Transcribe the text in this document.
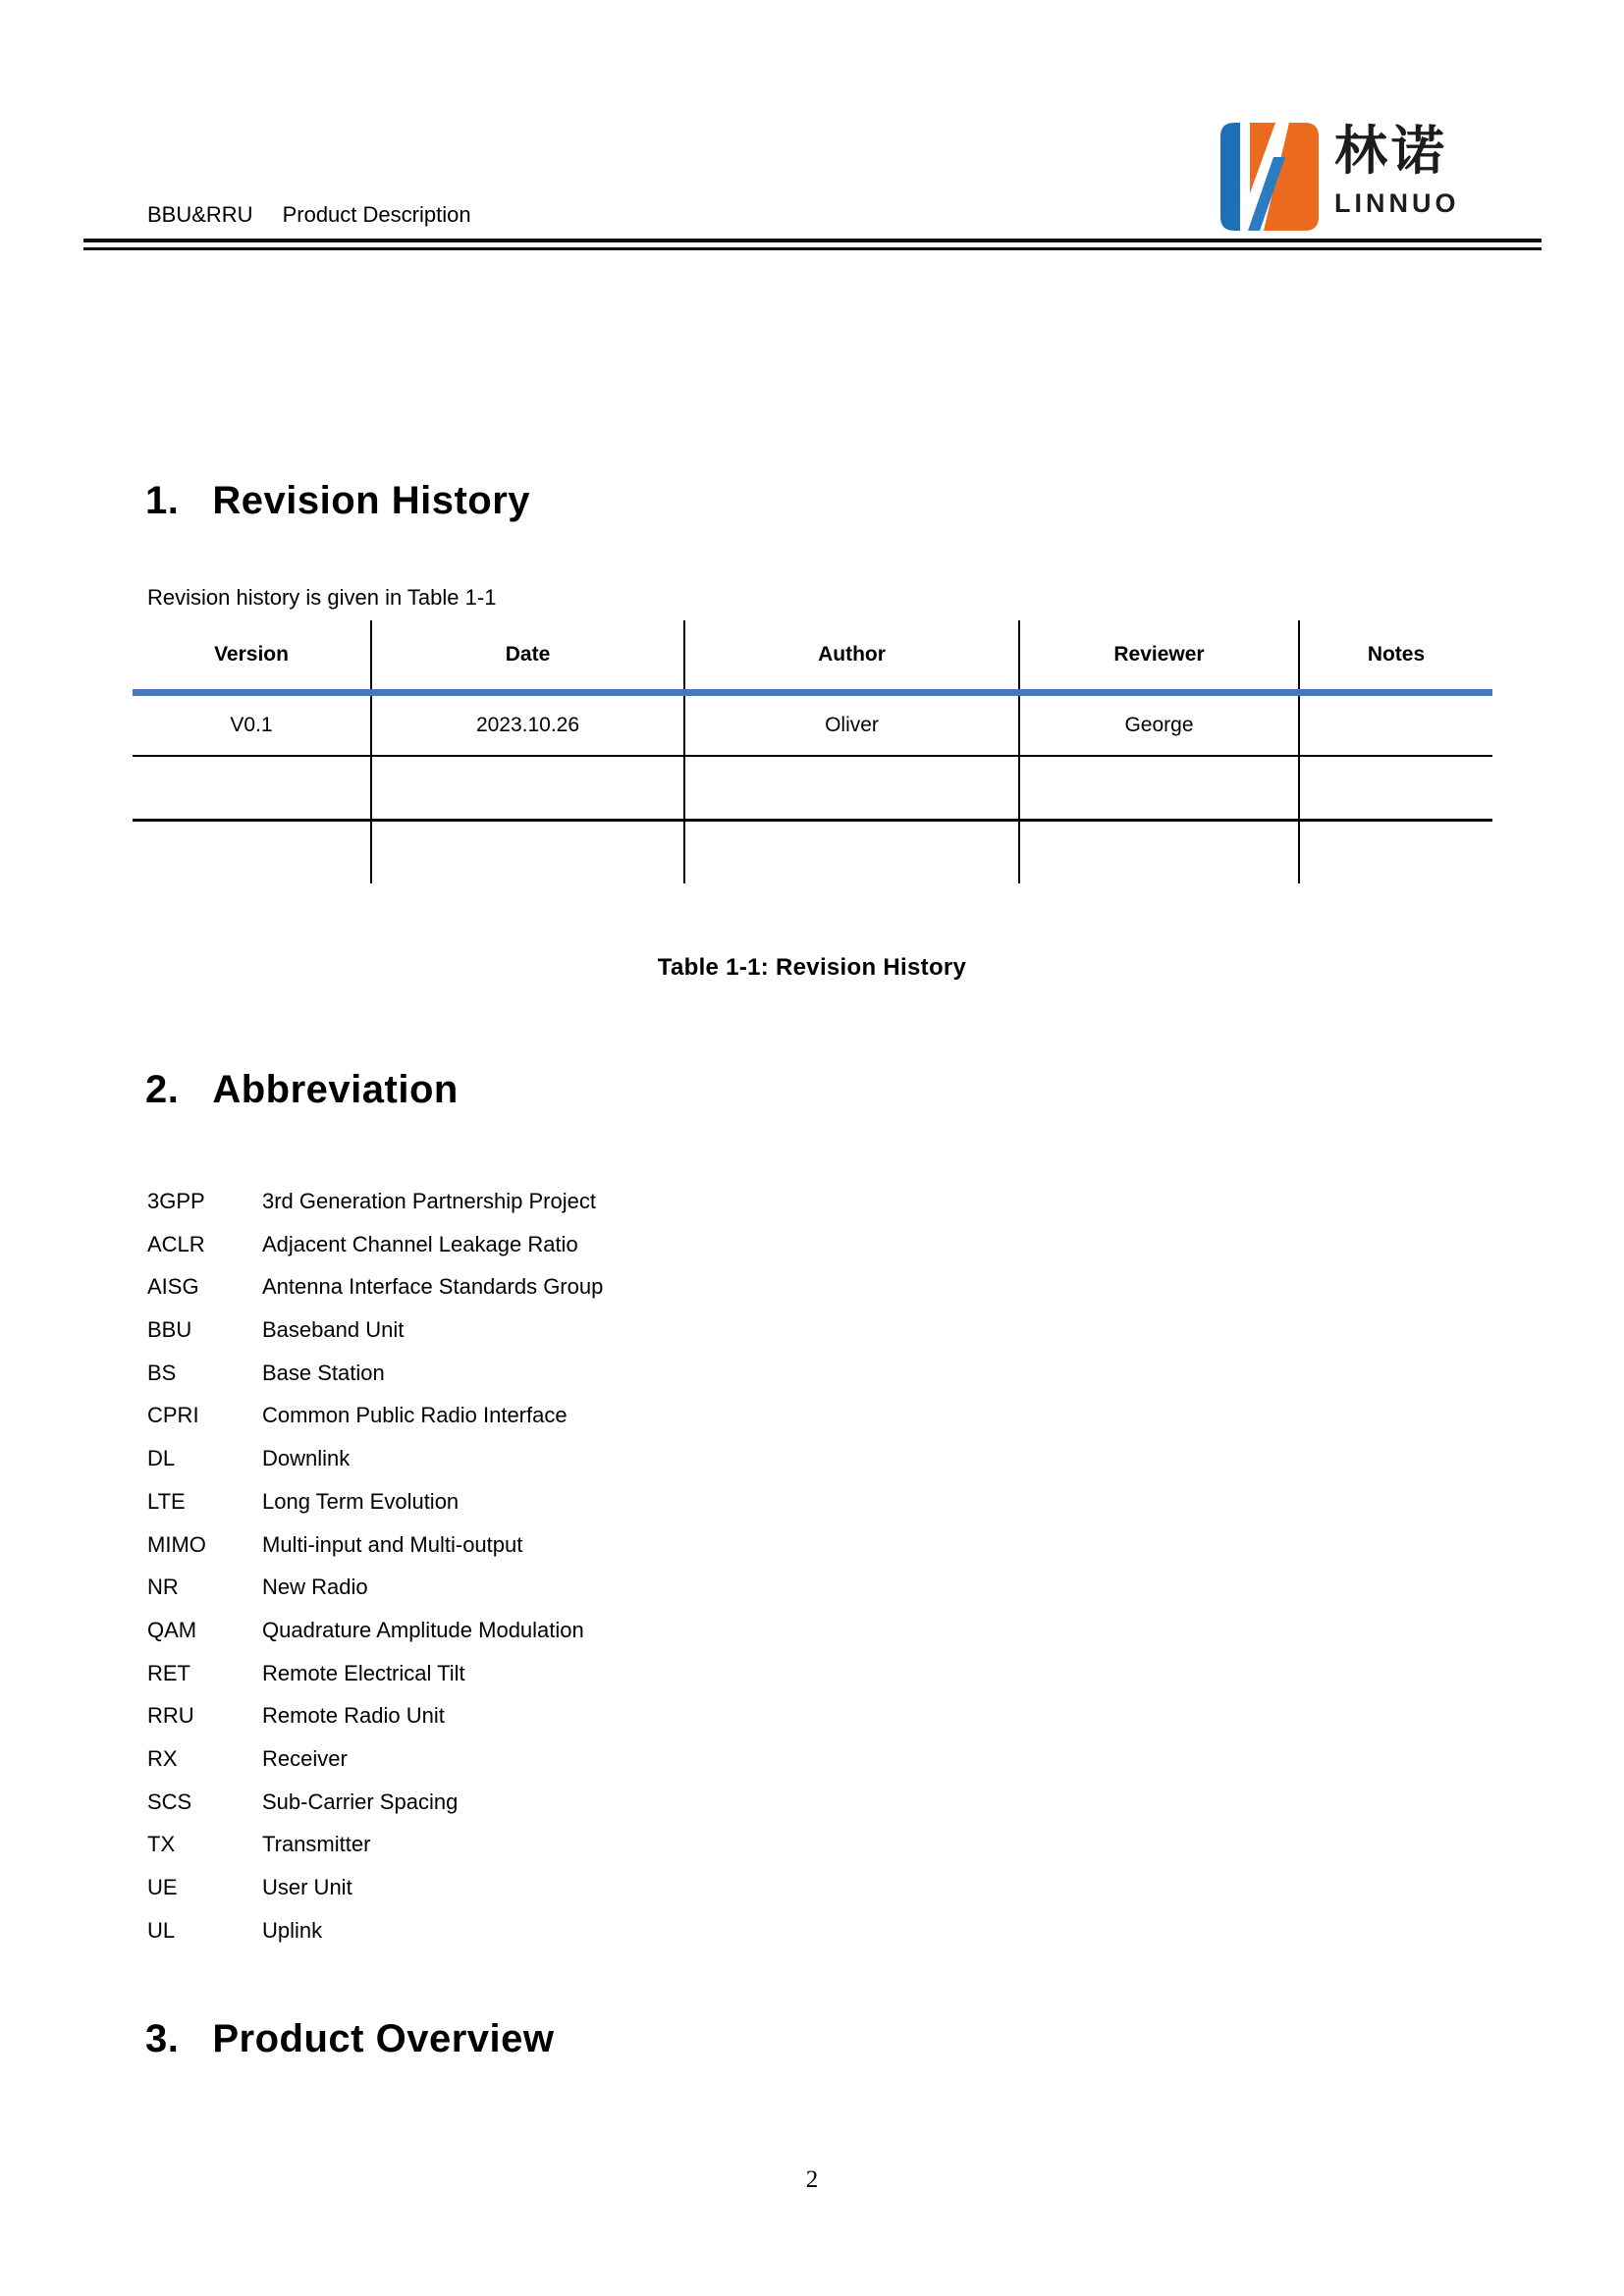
BBU&RRU Product Description
林诺
LINNUO
1. Revision History
Revision history is given in Table 1-1
Version	Date	Author	Reviewer	Notes
V0.1	2023.10.26	Oliver	George	

Table 1-1: Revision History
2. Abbreviation
3GPP	3rd Generation Partnership Project
ACLR	Adjacent Channel Leakage Ratio
AISG	Antenna Interface Standards Group
BBU	Baseband Unit
BS	Base Station
CPRI	Common Public Radio Interface
DL	Downlink
LTE	Long Term Evolution
MIMO	Multi-input and Multi-output
NR	New Radio
QAM	Quadrature Amplitude Modulation
RET	Remote Electrical Tilt
RRU	Remote Radio Unit
RX	Receiver
SCS	Sub-Carrier Spacing
TX	Transmitter
UE	User Unit
UL	Uplink
3. Product Overview
2
